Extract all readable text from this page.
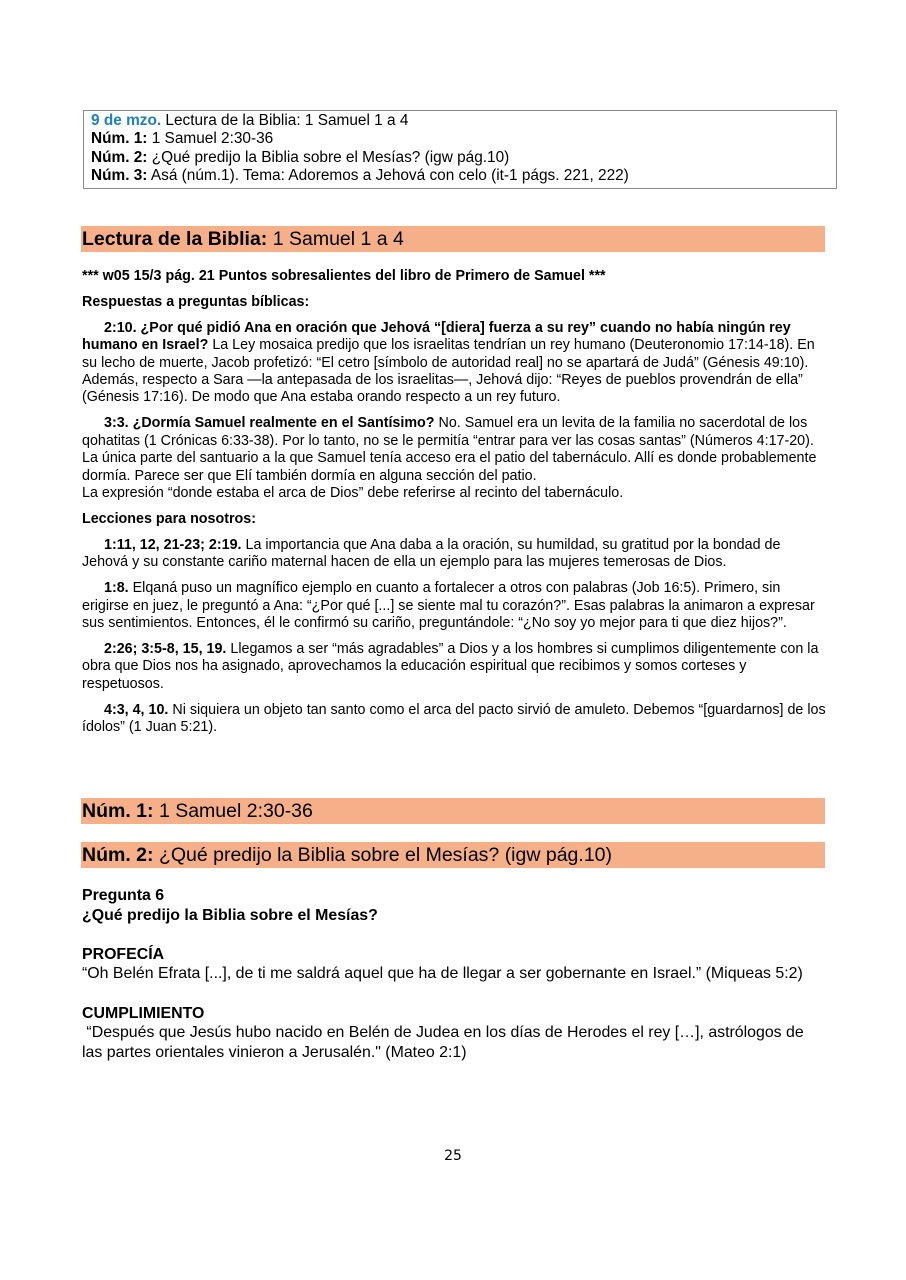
9 de mzo. Lectura de la Biblia: 1 Samuel 1 a 4
Núm. 1: 1 Samuel 2:30-36
Núm. 2: ¿Qué predijo la Biblia sobre el Mesías? (igw pág.10)
Núm. 3: Asá (núm.1). Tema: Adoremos a Jehová con celo (it-1 págs. 221, 222)
Lectura de la Biblia: 1 Samuel 1 a 4

*** w05 15/3 pág. 21 Puntos sobresalientes del libro de Primero de Samuel ***

Respuestas a preguntas bíblicas:

2:10. ¿Por qué pidió Ana en oración que Jehová “[diera] fuerza a su rey” cuando no había ningún rey humano en Israel? La Ley mosaica predijo que los israelitas tendrían un rey humano (Deuteronomio 17:14-18). En su lecho de muerte, Jacob profetizó: “El cetro [símbolo de autoridad real] no se apartará de Judá” (Génesis 49:10). Además, respecto a Sara —la antepasada de los israelitas—, Jehová dijo: “Reyes de pueblos provendrán de ella” (Génesis 17:16). De modo que Ana estaba orando respecto a un rey futuro.

3:3. ¿Dormía Samuel realmente en el Santísimo? No. Samuel era un levita de la familia no sacerdotal de los qohatitas (1 Crónicas 6:33-38). Por lo tanto, no se le permitía “entrar para ver las cosas santas” (Números 4:17-20). La única parte del santuario a la que Samuel tenía acceso era el patio del tabernáculo. Allí es donde probablemente dormía. Parece ser que Elí también dormía en alguna sección del patio.
La expresión “donde estaba el arca de Dios” debe referirse al recinto del tabernáculo.

Lecciones para nosotros:

1:11, 12, 21-23; 2:19. La importancia que Ana daba a la oración, su humildad, su gratitud por la bondad de Jehová y su constante cariño maternal hacen de ella un ejemplo para las mujeres temerosas de Dios.

1:8. Elqaná puso un magnífico ejemplo en cuanto a fortalecer a otros con palabras (Job 16:5). Primero, sin erigirse en juez, le preguntó a Ana: “¿Por qué [...] se siente mal tu corazón?”. Esas palabras la animaron a expresar sus sentimientos. Entonces, él le confirmó su cariño, preguntándole: “¿No soy yo mejor para ti que diez hijos?”.

2:26; 3:5-8, 15, 19. Llegamos a ser “más agradables” a Dios y a los hombres si cumplimos diligentemente con la obra que Dios nos ha asignado, aprovechamos la educación espiritual que recibimos y somos corteses y respetuosos.

4:3, 4, 10. Ni siquiera un objeto tan santo como el arca del pacto sirvió de amuleto. Debemos “[guardarnos] de los ídolos” (1 Juan 5:21).

Núm. 1: 1 Samuel 2:30-36
Núm. 2: ¿Qué predijo la Biblia sobre el Mesías? (igw pág.10)

Pregunta 6
¿Qué predijo la Biblia sobre el Mesías?

PROFECÍA
“Oh Belén Efrata [...], de ti me saldrá aquel que ha de llegar a ser gobernante en Israel.” (Miqueas 5:2)

CUMPLIMIENTO
“Después que Jesús hubo nacido en Belén de Judea en los días de Herodes el rey […], astrólogos de las partes orientales vinieron a Jerusalén." (Mateo 2:1)

25
